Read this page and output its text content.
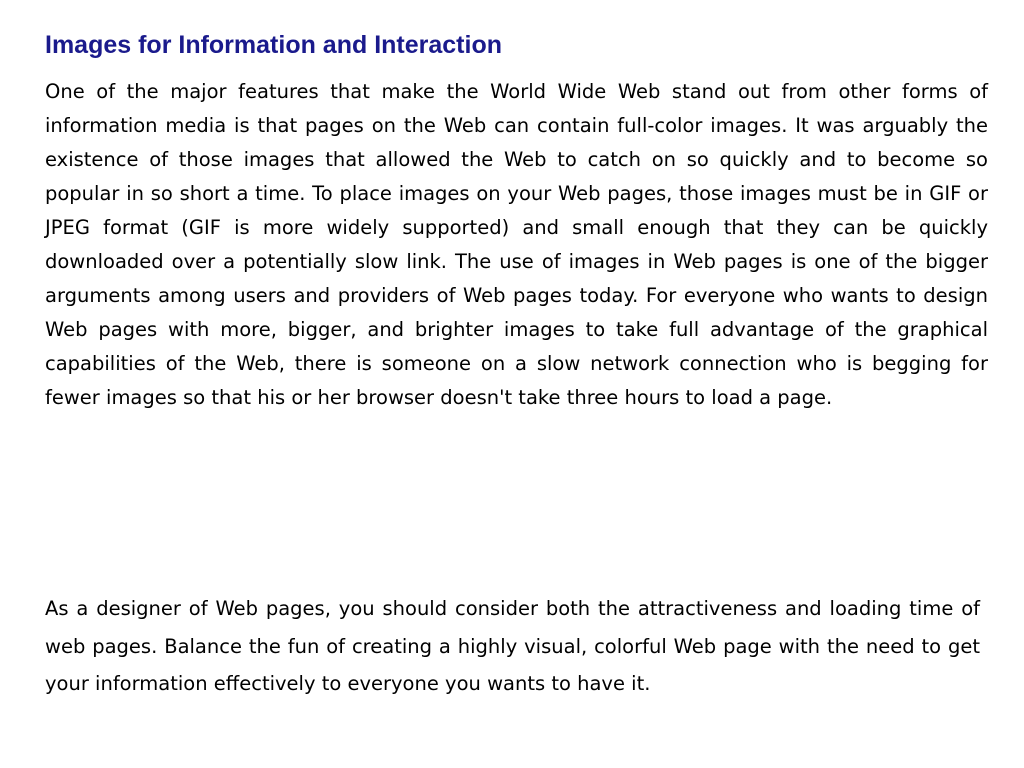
Images for Information and Interaction

One of the major features that make the World Wide Web stand out from other forms of information media is that pages on the Web can contain full-color images. It was arguably the existence of those images that allowed the Web to catch on so quickly and to become so popular in so short a time. To place images on your Web pages, those images must be in GIF or JPEG format (GIF is more widely supported) and small enough that they can be quickly downloaded over a potentially slow link. The use of images in Web pages is one of the bigger arguments among users and providers of Web pages today. For everyone who wants to design Web pages with more, bigger, and brighter images to take full advantage of the graphical capabilities of the Web, there is someone on a slow network connection who is begging for fewer images so that his or her browser doesn't take three hours to load a page.

As a designer of Web pages, you should consider both the attractiveness and loading time of web pages. Balance the fun of creating a highly visual, colorful Web page with the need to get your information effectively to everyone you wants to have it.
